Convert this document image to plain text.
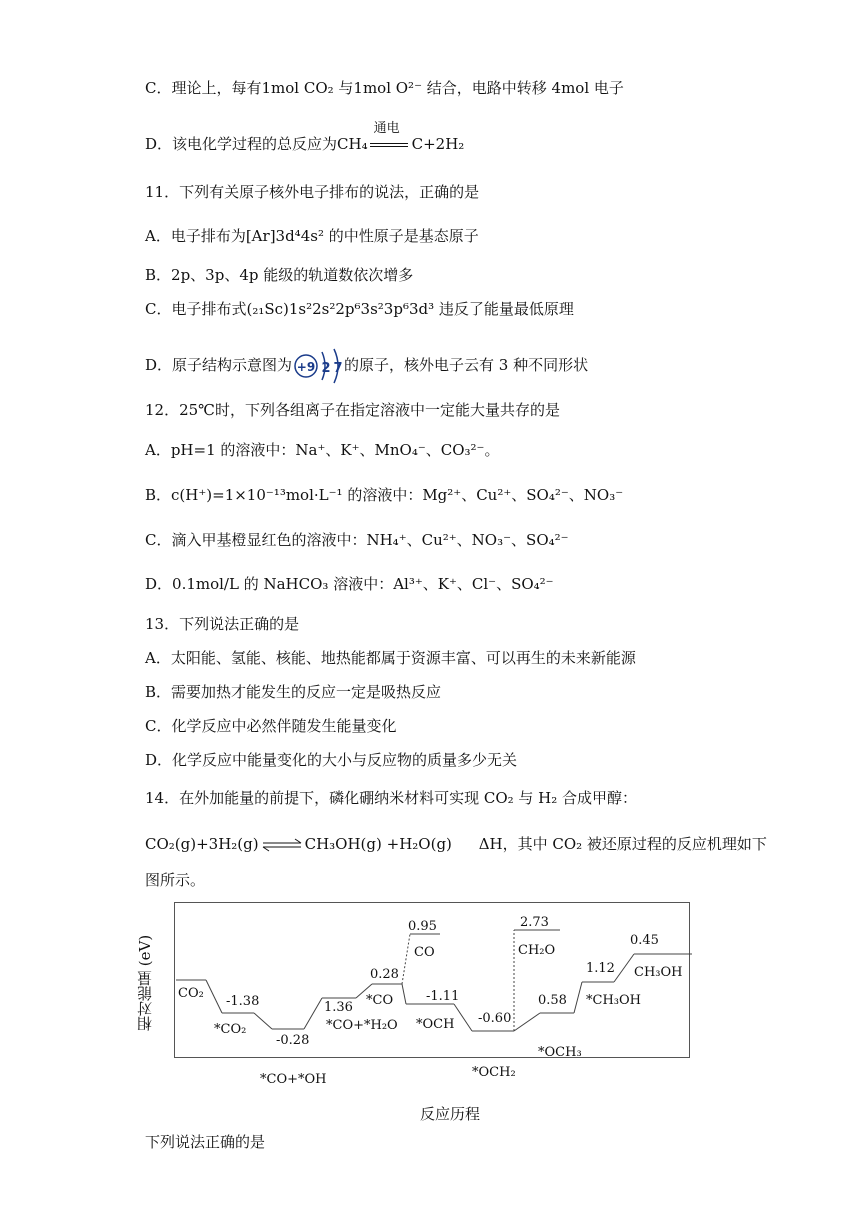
C．理论上，每有1mol CO₂ 与1mol O²⁻ 结合，电路中转移 4mol 电子
D．该电化学过程的总反应为CH₄
通电
C+2H₂
11．下列有关原子核外电子排布的说法，正确的是
A．电子排布为[Ar]3d⁴4s² 的中性原子是基态原子
B．2p、3p、4p 能级的轨道数依次增多
C．电子排布式(₂₁Sc)1s²2s²2p⁶3s²3p⁶3d³ 违反了能量最低原理
D．原子结构示意图为 +9 2 7 的原子，核外电子云有 3 种不同形状
12．25℃时，下列各组离子在指定溶液中一定能大量共存的是
A．pH=1 的溶液中：Na⁺、K⁺、MnO₄⁻、CO₃²⁻。
B．c(H⁺)=1×10⁻¹³mol·L⁻¹ 的溶液中：Mg²⁺、Cu²⁺、SO₄²⁻、NO₃⁻
C．滴入甲基橙显红色的溶液中：NH₄⁺、Cu²⁺、NO₃⁻、SO₄²⁻
D．0.1mol/L 的 NaHCO₃ 溶液中：Al³⁺、K⁺、Cl⁻、SO₄²⁻
13．下列说法正确的是
A．太阳能、氢能、核能、地热能都属于资源丰富、可以再生的未来新能源
B．需要加热才能发生的反应一定是吸热反应
C．化学反应中必然伴随发生能量变化
D．化学反应中能量变化的大小与反应物的质量多少无关
14．在外加能量的前提下，磷化硼纳米材料可实现 CO₂ 与 H₂ 合成甲醇：
CO₂(g)+3H₂(g) ⇌ CH₃OH(g) +H₂O(g) ΔH，其中 CO₂ 被还原过程的反应机理如下
图所示。
相对能量 (eV)
反应历程
CO₂
*CO₂
*CO+*OH
*CO+*H₂O
*CO
CO
*OCH
*OCH₂
CH₂O
*OCH₃
*CH₃OH
CH₃OH
-1.38
-0.28
1.36
0.28
0.95
-1.11
-0.60
2.73
0.58
1.12
0.45
下列说法正确的是
